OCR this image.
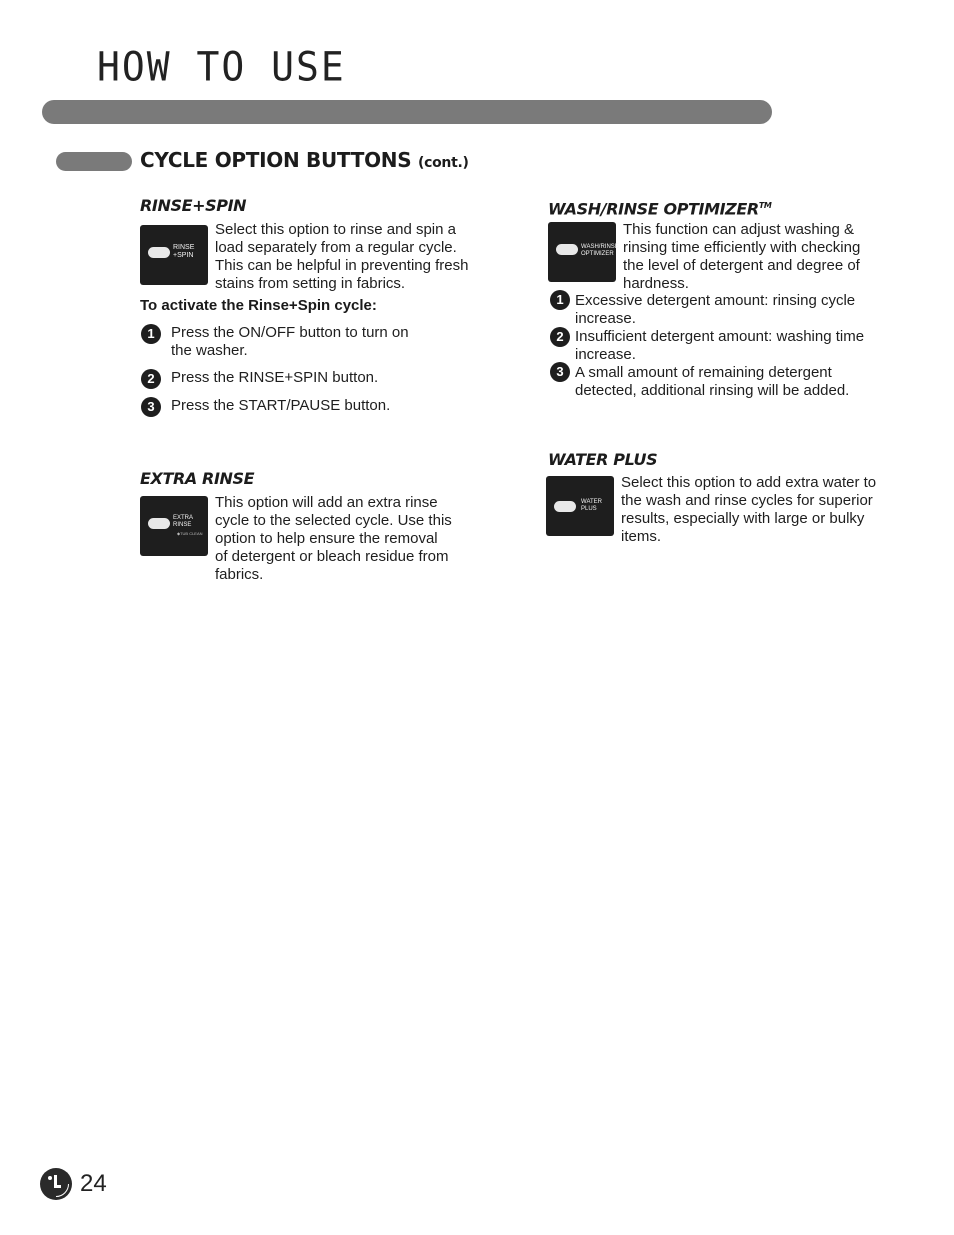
HOW TO USE
CYCLE OPTION BUTTONS (cont.)
RINSE+SPIN
RINSE
+SPIN

Select this option to rinse and spin a

load separately from a regular cycle.

This can be helpful in preventing fresh

stains from setting in fabrics.

To activate the Rinse+Spin cycle:

1	Press the ON/OFF button to turn on

the washer.

2	Press the RINSE+SPIN button.

3	Press the START/PAUSE button.

EXTRA RINSE
EXTRA
RINSE
◆TUB CLEAN

This option will add an extra rinse

cycle to the selected cycle. Use this

option to help ensure the removal

of detergent or bleach residue from

fabrics.

WASH/RINSE OPTIMIZER™
WASH/RINSE
OPTIMIZER

This function can adjust washing &

rinsing time efficiently with checking

the level of detergent and degree of

hardness.

1 Excessive detergent amount: rinsing cycle

increase.

2 Insufficient detergent amount: washing time

increase.

3 A small amount of remaining detergent

detected, additional rinsing will be added.

WATER PLUS
WATER
PLUS

Select this option to add extra water to

the wash and rinse cycles for superior

results, especially with large or bulky

items.

24
